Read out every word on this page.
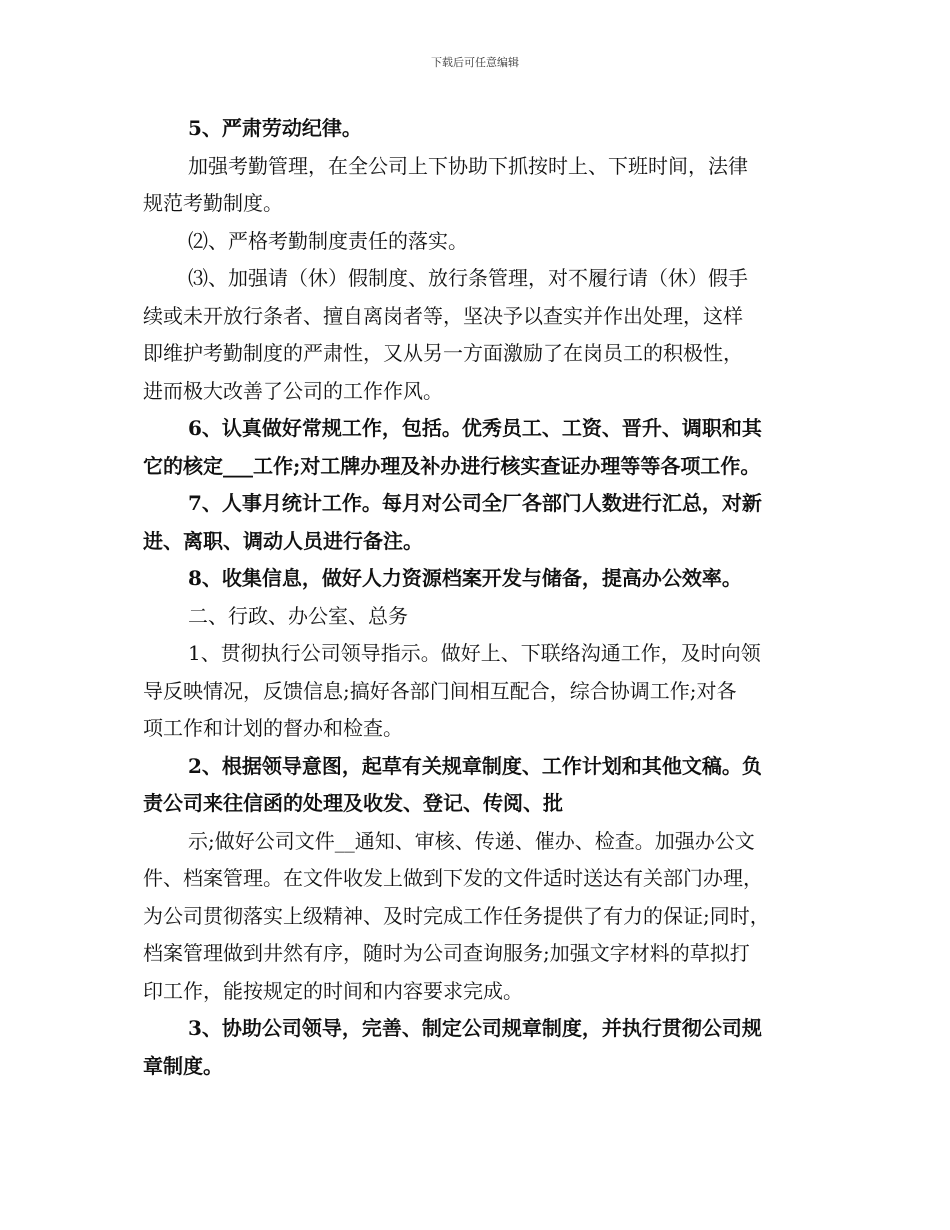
下载后可任意编辑

5、严肃劳动纪律。

加强考勤管理，在全公司上下协助下抓按时上、下班时间，法律
规范考勤制度。

⑵、严格考勤制度责任的落实。

⑶、加强请（休）假制度、放行条管理，对不履行请（休）假手
续或未开放行条者、擅自离岗者等，坚决予以查实并作出处理，这样
即维护考勤制度的严肃性，又从另一方面激励了在岗员工的积极性，
进而极大改善了公司的工作作风。

6、认真做好常规工作，包括。优秀员工、工资、晋升、调职和其
它的核定___工作;对工牌办理及补办进行核实查证办理等等各项工作。

7、人事月统计工作。每月对公司全厂各部门人数进行汇总，对新
进、离职、调动人员进行备注。

8、收集信息，做好人力资源档案开发与储备，提高办公效率。

二、行政、办公室、总务

1、贯彻执行公司领导指示。做好上、下联络沟通工作，及时向领
导反映情况，反馈信息;搞好各部门间相互配合，综合协调工作;对各
项工作和计划的督办和检查。

2、根据领导意图，起草有关规章制度、工作计划和其他文稿。负
责公司来往信函的处理及收发、登记、传阅、批

示;做好公司文件__通知、审核、传递、催办、检查。加强办公文
件、档案管理。在文件收发上做到下发的文件适时送达有关部门办理，
为公司贯彻落实上级精神、及时完成工作任务提供了有力的保证;同时，
档案管理做到井然有序，随时为公司查询服务;加强文字材料的草拟打
印工作，能按规定的时间和内容要求完成。

3、协助公司领导，完善、制定公司规章制度，并执行贯彻公司规
章制度。
